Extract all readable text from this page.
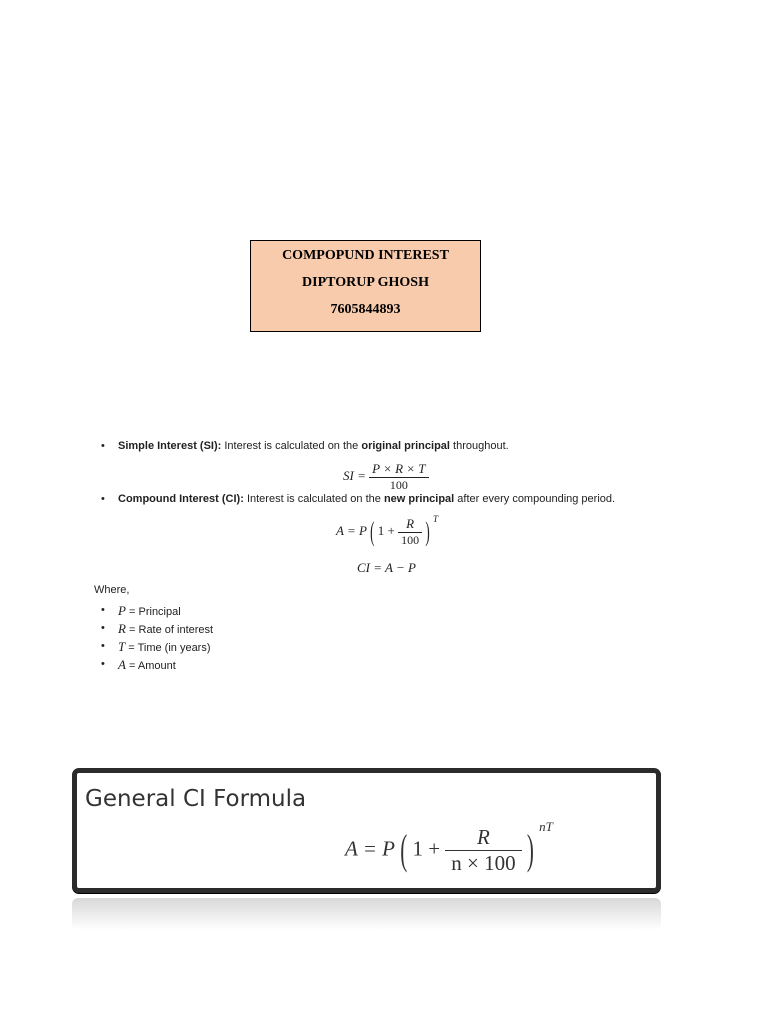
COMPOPUND INTEREST
DIPTORUP GHOSH
7605844893
• Simple Interest (SI): Interest is calculated on the original principal throughout.
SI = $\frac{P \times R \times T}{100}$
• Compound Interest (CI): Interest is calculated on the new principal after every compounding period.
A = P ( $1 + \frac{R}{100}$ ) $^T$
CI = A − P
Where,
• P = Principal
• R = Rate of interest
• T = Time (in years)
• A = Amount
General CI Formula
A = P ( $1 + \frac{R}{n \times 100}$ ) $^{nT}$
